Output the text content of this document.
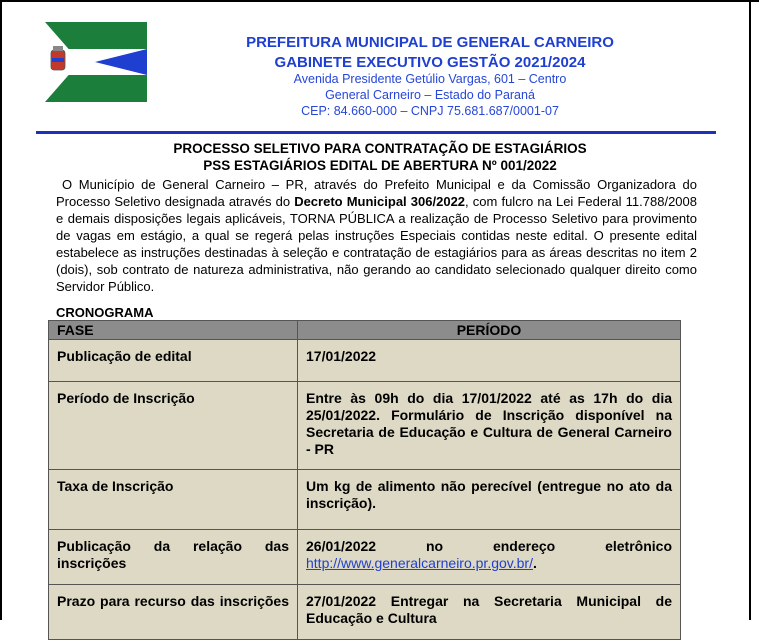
PREFEITURA MUNICIPAL DE GENERAL CARNEIRO
GABINETE EXECUTIVO GESTÃO 2021/2024
Avenida Presidente Getúlio Vargas, 601 – Centro
General Carneiro – Estado do Paraná
CEP: 84.660-000 – CNPJ 75.681.687/0001-07
PROCESSO SELETIVO PARA CONTRATAÇÃO DE ESTAGIÁRIOS
PSS ESTAGIÁRIOS EDITAL DE ABERTURA Nº 001/2022
O Município de General Carneiro – PR, através do Prefeito Municipal e da Comissão Organizadora do Processo Seletivo designada através do Decreto Municipal 306/2022, com fulcro na Lei Federal 11.788/2008 e demais disposições legais aplicáveis, TORNA PÚBLICA a realização de Processo Seletivo para provimento de vagas em estágio, a qual se regerá pelas instruções Especiais contidas neste edital. O presente edital estabelece as instruções destinadas à seleção e contratação de estagiários para as áreas descritas no item 2 (dois), sob contrato de natureza administrativa, não gerando ao candidato selecionado qualquer direito como Servidor Público.
CRONOGRAMA
FASE	PERÍODO
Publicação de edital	17/01/2022
Período de Inscrição	Entre às 09h do dia 17/01/2022 até as 17h do dia 25/01/2022. Formulário de Inscrição disponível na Secretaria de Educação e Cultura de General Carneiro - PR
Taxa de Inscrição	Um kg de alimento não perecível (entregue no ato da inscrição).

Publicação da relação das inscrições	26/01/2022 no endereço eletrônico
http://www.generalcarneiro.pr.gov.br/.

Prazo para recurso das inscrições	27/01/2022 Entregar na Secretaria Municipal de Educação e Cultura
